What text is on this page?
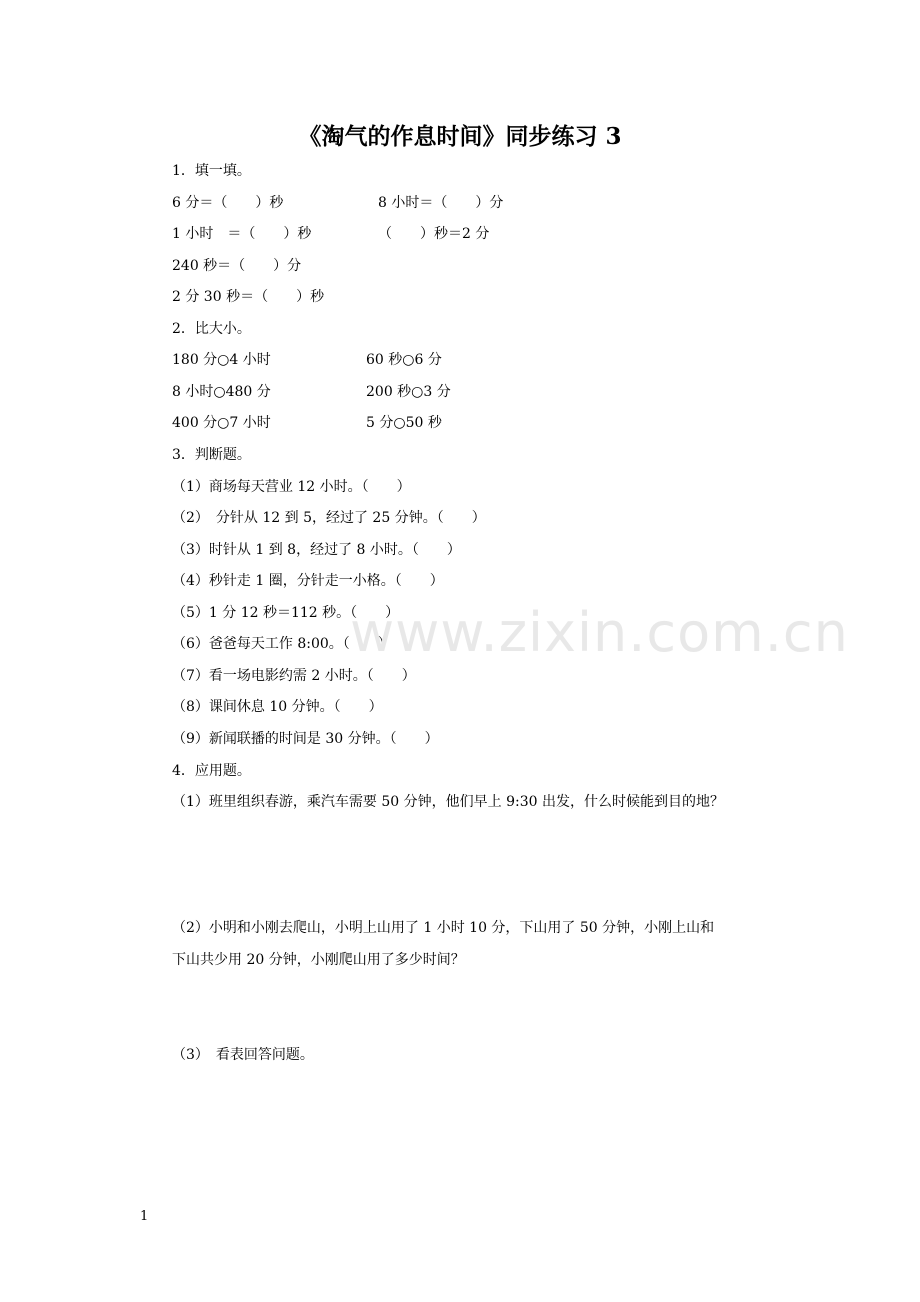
《淘气的作息时间》同步练习 3
1．填一填。
6 分＝（　　）秒	8 小时＝（　　）分
1 小时　＝（　　）秒	（　　）秒＝2 分
240 秒＝（　　）分
2 分 30 秒＝（　　）秒
2．比大小。
180 分○4 小时	60 秒○6 分
8 小时○480 分	200 秒○3 分
400 分○7 小时	5 分○50 秒
3．判断题。
（1）商场每天营业 12 小时。（　　）
（2）　分针从 12 到 5，经过了 25 分钟。（　　）
（3）时针从 1 到 8，经过了 8 小时。（　　）
（4）秒针走 1 圈，分针走一小格。（　　）
（5）1 分 12 秒＝112 秒。（　　）
（6）爸爸每天工作 8:00。（　　）
（7）看一场电影约需 2 小时。（　　）
（8）课间休息 10 分钟。（　　）
（9）新闻联播的时间是 30 分钟。（　　）
4．应用题。
（1）班里组织春游，乘汽车需要 50 分钟，他们早上 9:30 出发，什么时候能到目的地？
（2）小明和小刚去爬山，小明上山用了 1 小时 10 分，下山用了 50 分钟，小刚上山和
下山共少用 20 分钟，小刚爬山用了多少时间？
（3）　看表回答问题。
www.zixin.com.cn
1
